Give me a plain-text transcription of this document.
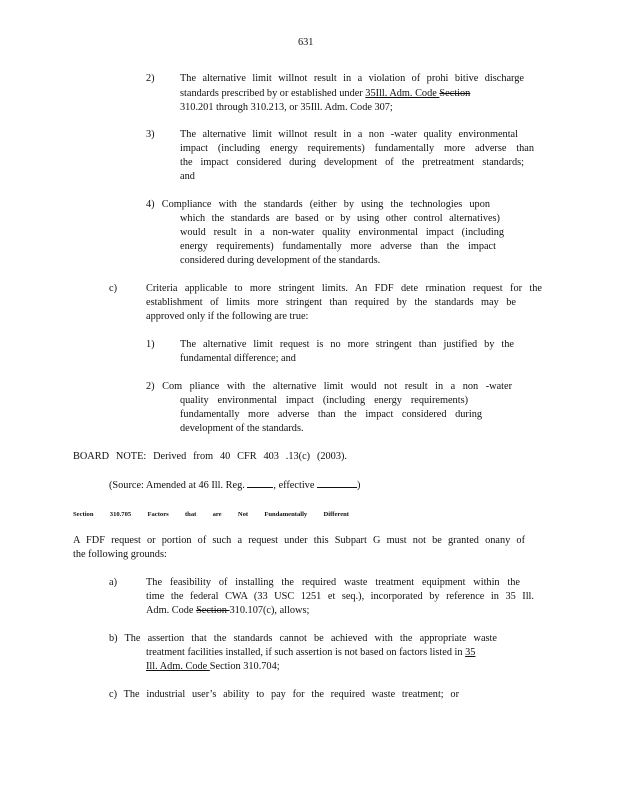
631
2) The alternative limit willnot result in a violation of prohi bitive discharge
standards prescribed by or established under 35Ill. Adm. Code Section
310.201 through 310.213, or 35Ill. Adm. Code 307;
3) The alternative limit willnot result in a non -water quality environmental
impact (including energy requirements) fundamentally more adverse than
the impact considered during development of the pretreatment standards;
and
4) Compliance with the standards (either by using the technologies upon
which the standards are based or by using other control alternatives)
would result in a non-water quality environmental impact (including
energy requirements) fundamentally more adverse than the impact
considered during development of the standards.
c)	Criteria applicable to more stringent limits. An FDF dete rmination request for the
establishment of limits more stringent than required by the standards may be
approved only if the following are true:
1) The alternative limit request is no more stringent than justified by the
fundamental difference; and
2) Com pliance with the alternative limit would not result in a non -water
quality environmental impact (including energy requirements)
fundamentally more adverse than the impact considered during
development of the standards.
BOARD NOTE: Derived from 40 CFR 403 .13(c) (2003).
(Source: Amended at 46 Ill. Reg.	, effective	)
Section 310.705 Factors that are Not Fundamentally Different
A FDF request or portion of such a request under this Subpart G must not be granted onany of
the following grounds:
a)	The feasibility of installing the required waste treatment equipment within the
time the federal CWA (33 USC 1251 et seq.), incorporated by reference in 35 Ill.
Adm. Code Section 310.107(c), allows;
b) The assertion that the standards cannot be achieved with the appropriate waste
treatment facilities installed, if such assertion is not based on factors listed in 35
Ill. Adm. Code Section 310.704;
c) The industrial user’s ability to pay for the required waste treatment; or
